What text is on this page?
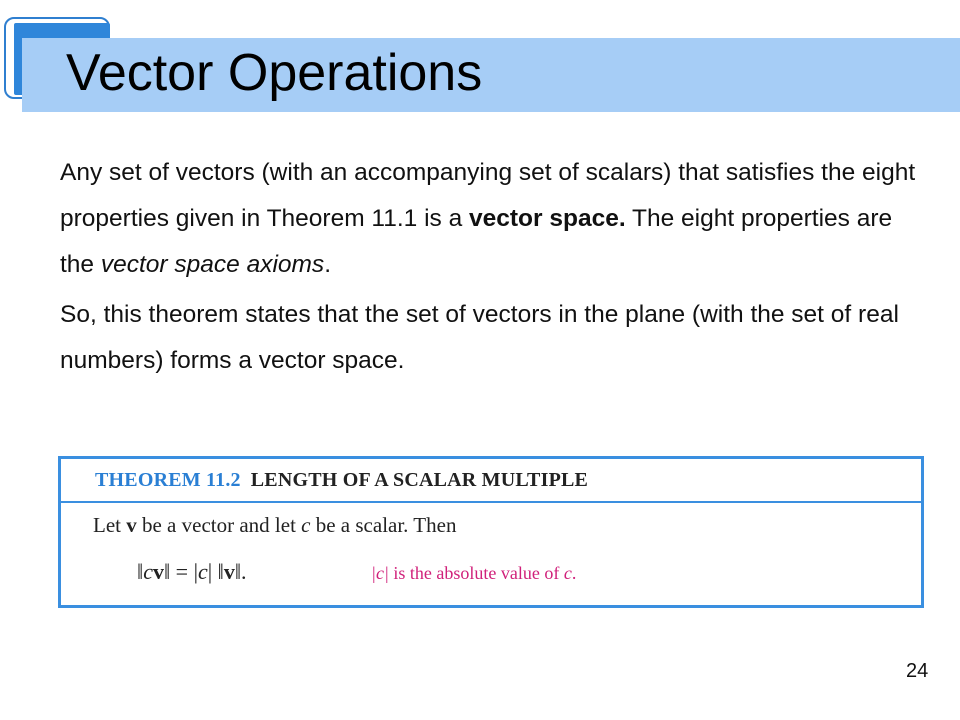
Vector Operations

Any set of vectors (with an accompanying set of scalars) that satisfies the eight properties given in Theorem 11.1 is a vector space. The eight properties are the vector space axioms.

So, this theorem states that the set of vectors in the plane (with the set of real numbers) forms a vector space.

THEOREM 11.2 LENGTH OF A SCALAR MULTIPLE
Let v be a vector and let c be a scalar. Then
‖cv‖ = |c| ‖v‖.	|c| is the absolute value of c.
24
